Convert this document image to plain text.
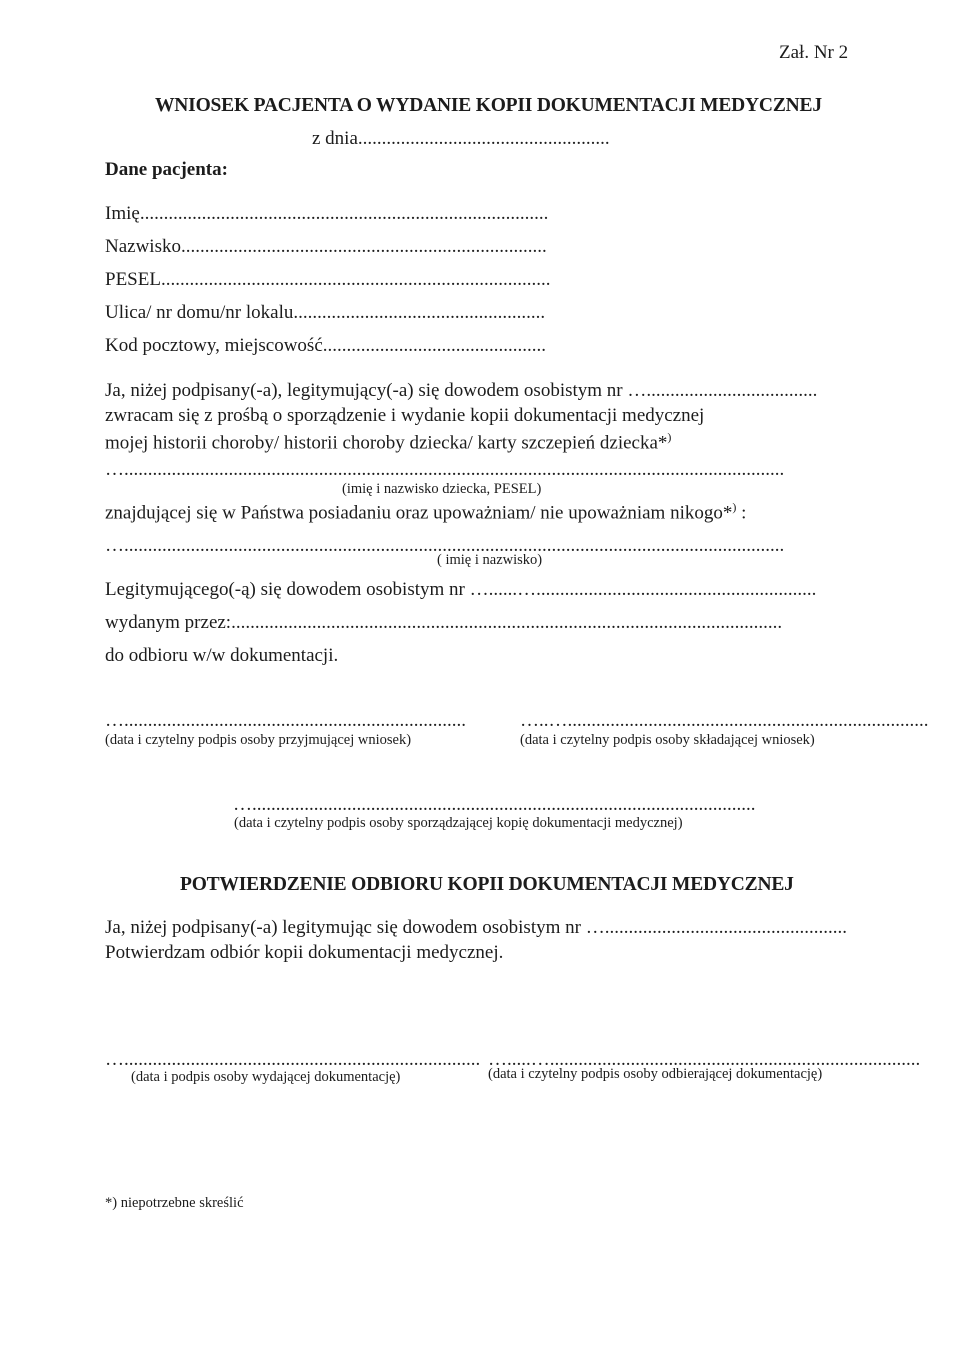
Zał. Nr 2
WNIOSEK PACJENTA O WYDANIE KOPII DOKUMENTACJI MEDYCZNEJ
z dnia.....................................................
Dane pacjenta:
Imię......................................................................................
Nazwisko.............................................................................
PESEL..................................................................................
Ulica/ nr domu/nr lokalu.....................................................
Kod pocztowy, miejscowość...............................................
Ja, niżej podpisany(-a), legitymujący(-a) się dowodem osobistym nr …....................................
zwracam się z prośbą o sporządzenie i wydanie kopii dokumentacji medycznej
mojej historii choroby/ historii choroby dziecka/ karty szczepień dziecka*)
…...........................................................................................................................................
(imię i nazwisko dziecka, PESEL)
znajdującej się w Państwa posiadaniu oraz upoważniam/ nie upoważniam nikogo*) :
…...........................................................................................................................................
( imię i nazwisko)
Legitymującego(-ą) się dowodem osobistym nr …......…...........................................................
wydanym przez:....................................................................................................................
do odbioru w/w dokumentacji.
…........................................................................
(data i czytelny podpis osoby przyjmującej wniosek)
…..…............................................................................
(data i czytelny podpis osoby składającej wniosek)
…..........................................................................................................
(data i czytelny podpis osoby sporządzającej kopię dokumentacji medycznej)
POTWIERDZENIE ODBIORU KOPII DOKUMENTACJI MEDYCZNEJ
Ja, niżej podpisany(-a) legitymując się dowodem osobistym nr …...................................................
Potwierdzam odbiór kopii dokumentacji medycznej.
…...........................................................................
(data i podpis osoby wydającej dokumentację)
….....…..............................................................................
(data i czytelny podpis osoby odbierającej dokumentację)
*) niepotrzebne skreślić
